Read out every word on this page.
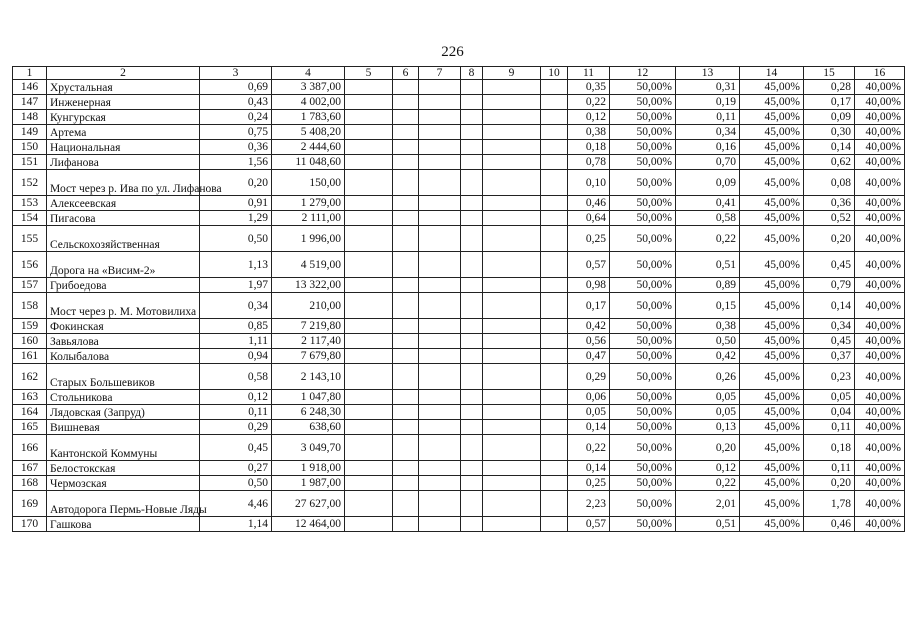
226
1	2	3	4	5	6	7	8	9	10	11	12	13	14	15	16
146	Хрустальная	0,69	3 387,00							0,35	50,00%	0,31	45,00%	0,28	40,00%
147	Инженерная	0,43	4 002,00							0,22	50,00%	0,19	45,00%	0,17	40,00%
148	Кунгурская	0,24	1 783,60							0,12	50,00%	0,11	45,00%	0,09	40,00%
149	Артема	0,75	5 408,20							0,38	50,00%	0,34	45,00%	0,30	40,00%
150	Национальная	0,36	2 444,60							0,18	50,00%	0,16	45,00%	0,14	40,00%
151	Лифанова	1,56	11 048,60							0,78	50,00%	0,70	45,00%	0,62	40,00%
152	Мост через р. Ива по ул. Лифанова	0,20	150,00							0,10	50,00%	0,09	45,00%	0,08	40,00%
153	Алексеевская	0,91	1 279,00							0,46	50,00%	0,41	45,00%	0,36	40,00%
154	Пигасова	1,29	2 111,00							0,64	50,00%	0,58	45,00%	0,52	40,00%
155	Сельскохозяйственная	0,50	1 996,00							0,25	50,00%	0,22	45,00%	0,20	40,00%
156	Дорога на «Висим-2»	1,13	4 519,00							0,57	50,00%	0,51	45,00%	0,45	40,00%
157	Грибоедова	1,97	13 322,00							0,98	50,00%	0,89	45,00%	0,79	40,00%
158	Мост через р. М. Мотовилиха	0,34	210,00							0,17	50,00%	0,15	45,00%	0,14	40,00%
159	Фокинская	0,85	7 219,80							0,42	50,00%	0,38	45,00%	0,34	40,00%
160	Завьялова	1,11	2 117,40							0,56	50,00%	0,50	45,00%	0,45	40,00%
161	Колыбалова	0,94	7 679,80							0,47	50,00%	0,42	45,00%	0,37	40,00%
162	Старых Большевиков	0,58	2 143,10							0,29	50,00%	0,26	45,00%	0,23	40,00%
163	Стольникова	0,12	1 047,80							0,06	50,00%	0,05	45,00%	0,05	40,00%
164	Лядовская (Запруд)	0,11	6 248,30							0,05	50,00%	0,05	45,00%	0,04	40,00%
165	Вишневая	0,29	638,60							0,14	50,00%	0,13	45,00%	0,11	40,00%
166	Кантонской Коммуны	0,45	3 049,70							0,22	50,00%	0,20	45,00%	0,18	40,00%
167	Белостокская	0,27	1 918,00							0,14	50,00%	0,12	45,00%	0,11	40,00%
168	Чермозская	0,50	1 987,00							0,25	50,00%	0,22	45,00%	0,20	40,00%
169	Автодорога Пермь-Новые Ляды	4,46	27 627,00							2,23	50,00%	2,01	45,00%	1,78	40,00%
170	Гашкова	1,14	12 464,00							0,57	50,00%	0,51	45,00%	0,46	40,00%
